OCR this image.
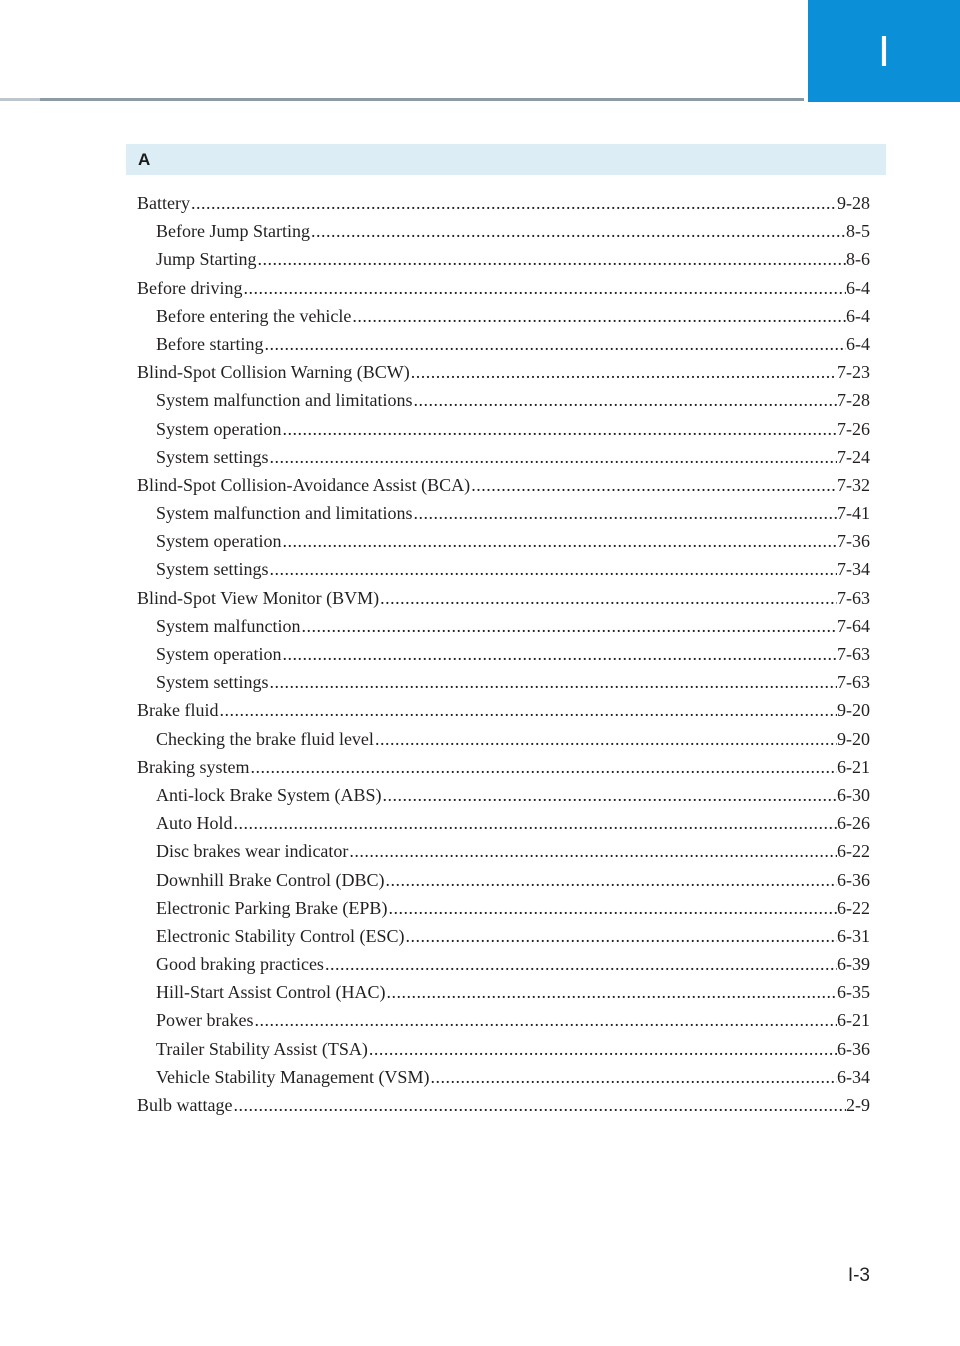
I
A
Battery .....	9-28
Before Jump Starting .....	8-5
Jump Starting .....	8-6
Before driving .....	6-4
Before entering the vehicle .....	6-4
Before starting .....	6-4
Blind-Spot Collision Warning (BCW) .....	7-23
System malfunction and limitations .....	7-28
System operation .....	7-26
System settings .....	7-24
Blind-Spot Collision-Avoidance Assist (BCA) .....	7-32
System malfunction and limitations .....	7-41
System operation .....	7-36
System settings .....	7-34
Blind-Spot View Monitor (BVM) .....	7-63
System malfunction .....	7-64
System operation .....	7-63
System settings .....	7-63
Brake fluid .....	9-20
Checking the brake fluid level .....	9-20
Braking system .....	6-21
Anti-lock Brake System (ABS) .....	6-30
Auto Hold .....	6-26
Disc brakes wear indicator .....	6-22
Downhill Brake Control (DBC) .....	6-36
Electronic Parking Brake (EPB) .....	6-22
Electronic Stability Control (ESC) .....	6-31
Good braking practices .....	6-39
Hill-Start Assist Control (HAC) .....	6-35
Power brakes .....	6-21
Trailer Stability Assist (TSA) .....	6-36
Vehicle Stability Management (VSM) .....	6-34
Bulb wattage .....	2-9
I-3
